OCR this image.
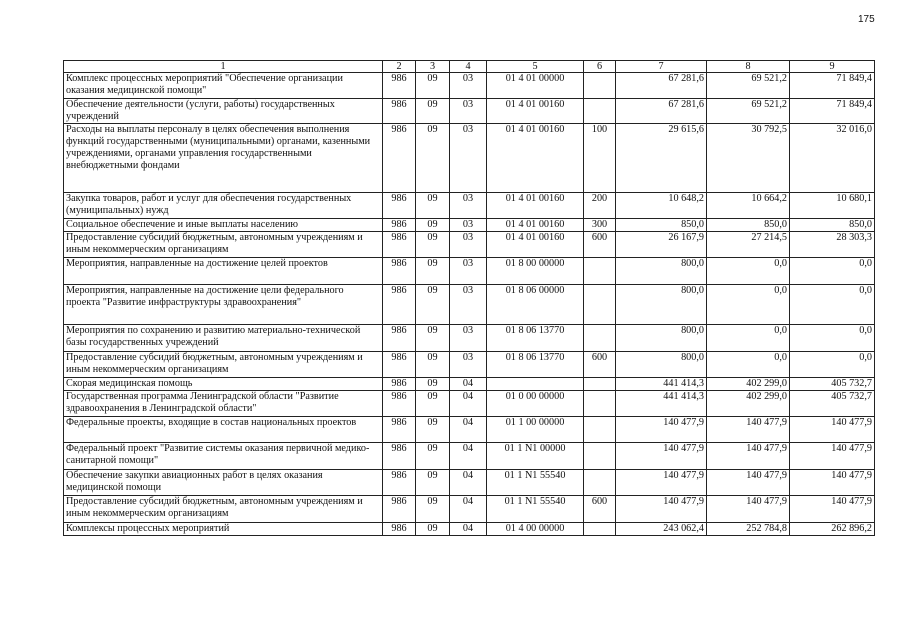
175
1	2	3	4	5	6	7	8	9
Комплекс процессных мероприятий "Обеспечение организации оказания медицинской помощи"	986	09	03	01 4 01 00000		67 281,6	69 521,2	71 849,4
Обеспечение деятельности (услуги, работы) государственных учреждений	986	09	03	01 4 01 00160		67 281,6	69 521,2	71 849,4
Расходы на выплаты персоналу в целях обеспечения выполнения функций государственными (муниципальными) органами, казенными учреждениями, органами управления государственными внебюджетными фондами	986	09	03	01 4 01 00160	100	29 615,6	30 792,5	32 016,0
Закупка товаров, работ и услуг для обеспечения государственных (муниципальных) нужд	986	09	03	01 4 01 00160	200	10 648,2	10 664,2	10 680,1
Социальное обеспечение и иные выплаты населению	986	09	03	01 4 01 00160	300	850,0	850,0	850,0
Предоставление субсидий бюджетным, автономным учреждениям и иным некоммерческим организациям	986	09	03	01 4 01 00160	600	26 167,9	27 214,5	28 303,3
Мероприятия, направленные на достижение целей проектов	986	09	03	01 8 00 00000		800,0	0,0	0,0
Мероприятия, направленные на достижение цели федерального проекта "Развитие инфраструктуры здравоохранения"	986	09	03	01 8 06 00000		800,0	0,0	0,0
Мероприятия по сохранению и развитию материально-технической базы государственных учреждений	986	09	03	01 8 06 13770		800,0	0,0	0,0
Предоставление субсидий бюджетным, автономным учреждениям и иным некоммерческим организациям	986	09	03	01 8 06 13770	600	800,0	0,0	0,0
Скорая медицинская помощь	986	09	04			441 414,3	402 299,0	405 732,7
Государственная программа Ленинградской области "Развитие здравоохранения в Ленинградской области"	986	09	04	01 0 00 00000		441 414,3	402 299,0	405 732,7
Федеральные проекты, входящие в состав национальных проектов	986	09	04	01 1 00 00000		140 477,9	140 477,9	140 477,9
Федеральный проект "Развитие системы оказания первичной медико-санитарной помощи"	986	09	04	01 1 N1 00000		140 477,9	140 477,9	140 477,9
Обеспечение закупки авиационных работ в целях оказания медицинской помощи	986	09	04	01 1 N1 55540		140 477,9	140 477,9	140 477,9
Предоставление субсидий бюджетным, автономным учреждениям и иным некоммерческим организациям	986	09	04	01 1 N1 55540	600	140 477,9	140 477,9	140 477,9
Комплексы процессных мероприятий	986	09	04	01 4 00 00000		243 062,4	252 784,8	262 896,2
